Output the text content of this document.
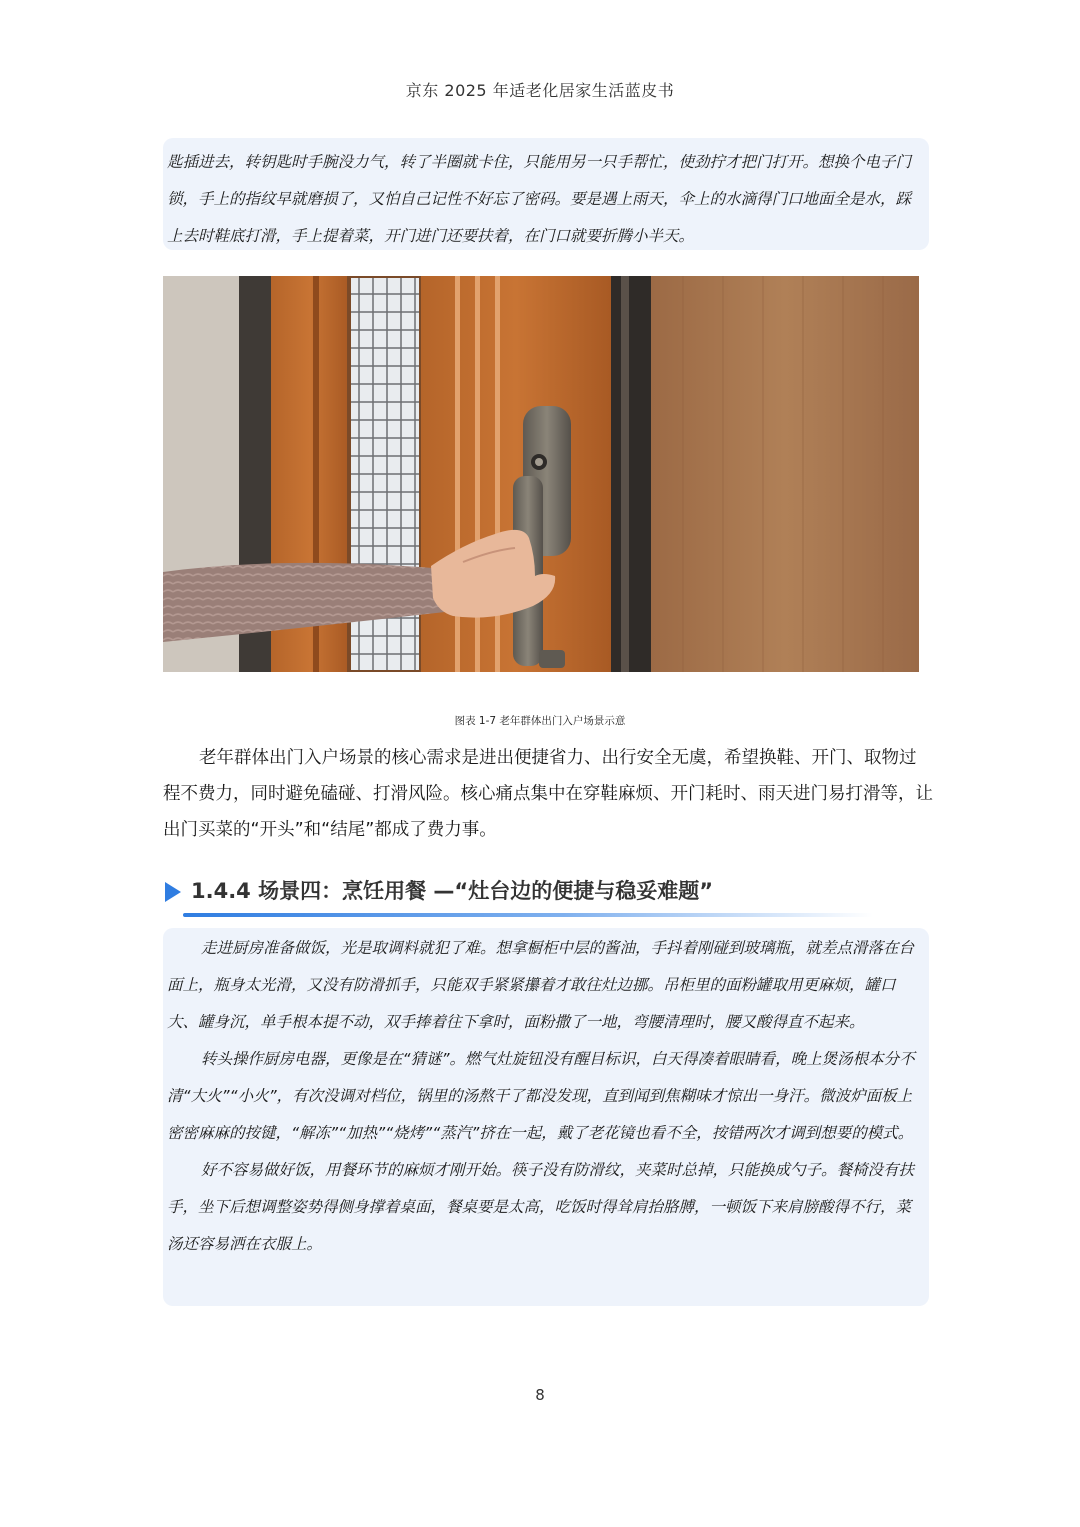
京东 2025 年适老化居家生活蓝皮书

匙插进去，转钥匙时手腕没力气，转了半圈就卡住，只能用另一只手帮忙，使劲拧才把门打开。想换个电子门锁，手上的指纹早就磨损了，又怕自己记性不好忘了密码。要是遇上雨天，伞上的水滴得门口地面全是水，踩上去时鞋底打滑，手上提着菜，开门进门还要扶着，在门口就要折腾小半天。

图表 1-7 老年群体出门入户场景示意

老年群体出门入户场景的核心需求是进出便捷省力、出行安全无虞，希望换鞋、开门、取物过程不费力，同时避免磕碰、打滑风险。核心痛点集中在穿鞋麻烦、开门耗时、雨天进门易打滑等，让出门买菜的“开头”和“结尾”都成了费力事。

1.4.4 场景四：烹饪用餐 —“灶台边的便捷与稳妥难题”

走进厨房准备做饭，光是取调料就犯了难。想拿橱柜中层的酱油，手抖着刚碰到玻璃瓶，就差点滑落在台面上，瓶身太光滑，又没有防滑抓手，只能双手紧紧攥着才敢往灶边挪。吊柜里的面粉罐取用更麻烦，罐口大、罐身沉，单手根本提不动，双手捧着往下拿时，面粉撒了一地，弯腰清理时，腰又酸得直不起来。

转头操作厨房电器，更像是在“猜谜”。燃气灶旋钮没有醒目标识，白天得凑着眼睛看，晚上煲汤根本分不清“大火”“小火”，有次没调对档位，锅里的汤熬干了都没发现，直到闻到焦糊味才惊出一身汗。微波炉面板上密密麻麻的按键，“解冻”“加热”“烧烤”“蒸汽”挤在一起，戴了老花镜也看不全，按错两次才调到想要的模式。

好不容易做好饭，用餐环节的麻烦才刚开始。筷子没有防滑纹，夹菜时总掉，只能换成勺子。餐椅没有扶手，坐下后想调整姿势得侧身撑着桌面，餐桌要是太高，吃饭时得耸肩抬胳膊，一顿饭下来肩膀酸得不行，菜汤还容易洒在衣服上。

8
